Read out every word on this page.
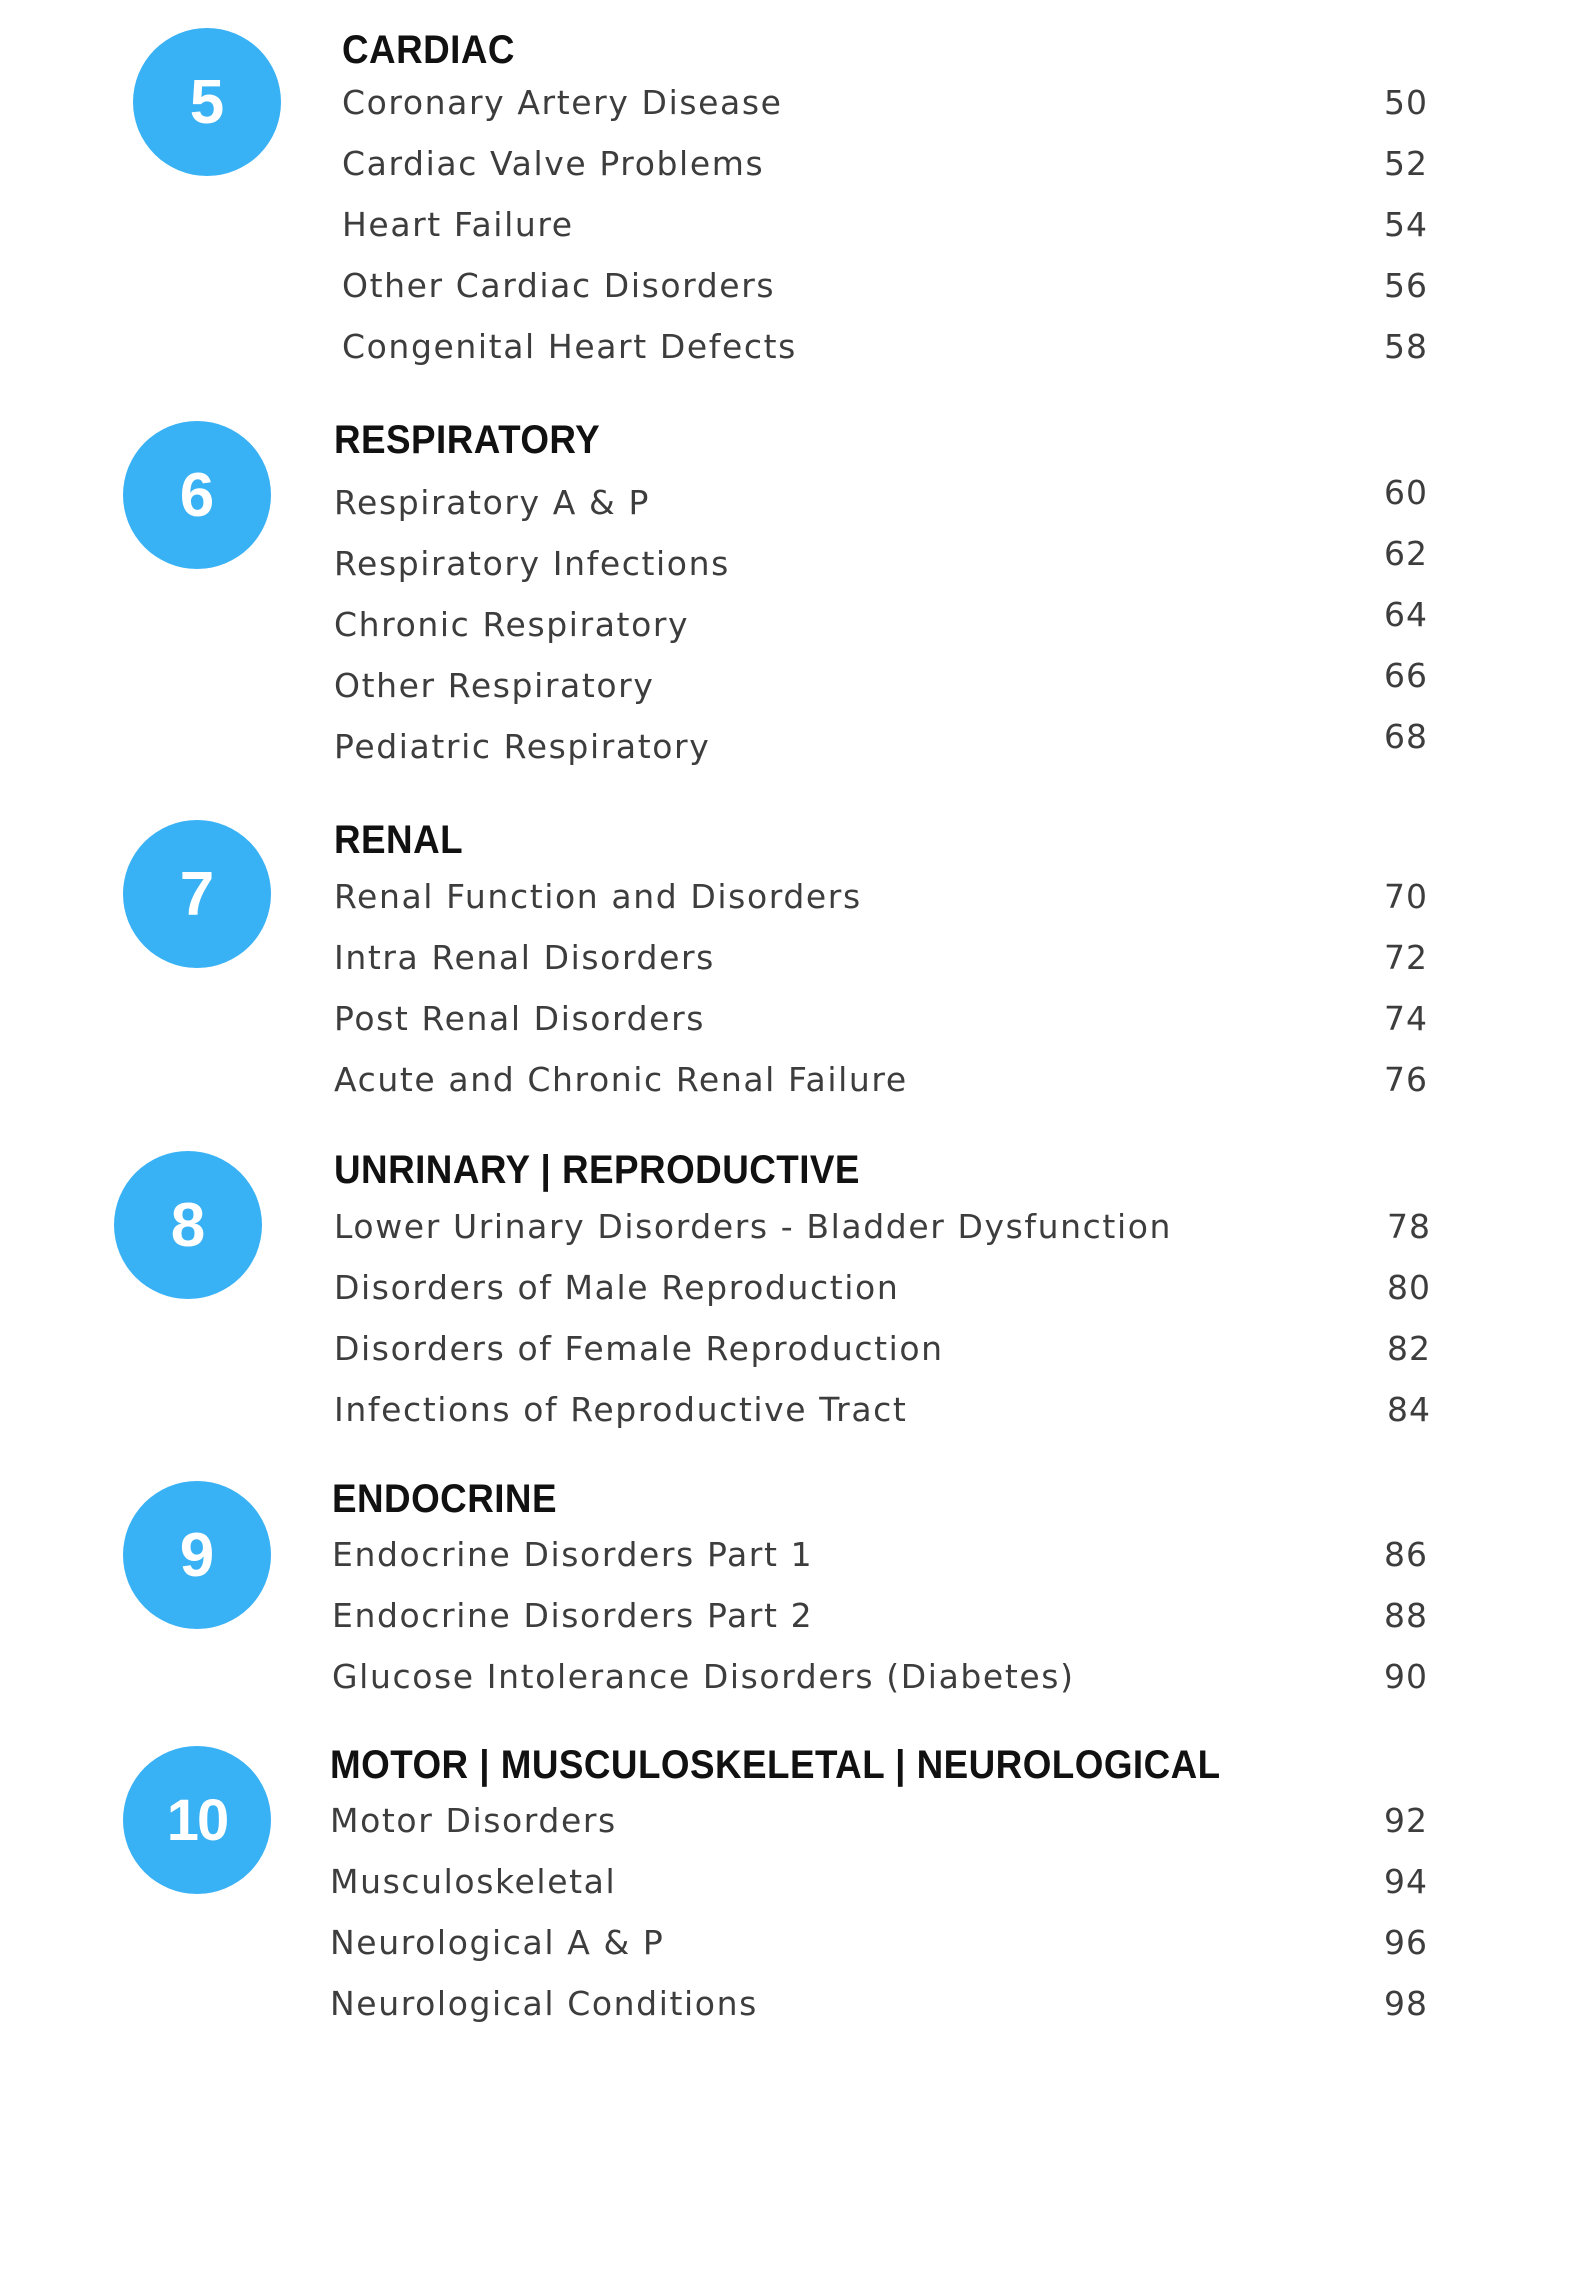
5
CARDIAC
Coronary Artery Disease	50
Cardiac Valve Problems	52
Heart Failure	54
Other Cardiac Disorders	56
Congenital Heart Defects	58
6
RESPIRATORY
Respiratory A & P	60
Respiratory Infections	62
Chronic Respiratory	64
Other Respiratory	66
Pediatric Respiratory	68
7
RENAL
Renal Function and Disorders	70
Intra Renal Disorders	72
Post Renal Disorders	74
Acute and Chronic Renal Failure	76
8
UNRINARY | REPRODUCTIVE
Lower Urinary Disorders - Bladder Dysfunction	78
Disorders of Male Reproduction	80
Disorders of Female Reproduction	82
Infections of Reproductive Tract	84
9
ENDOCRINE
Endocrine Disorders Part 1	86
Endocrine Disorders Part 2	88
Glucose Intolerance Disorders (Diabetes)	90
10
MOTOR | MUSCULOSKELETAL | NEUROLOGICAL
Motor Disorders	92
Musculoskeletal	94
Neurological A & P	96
Neurological Conditions	98
